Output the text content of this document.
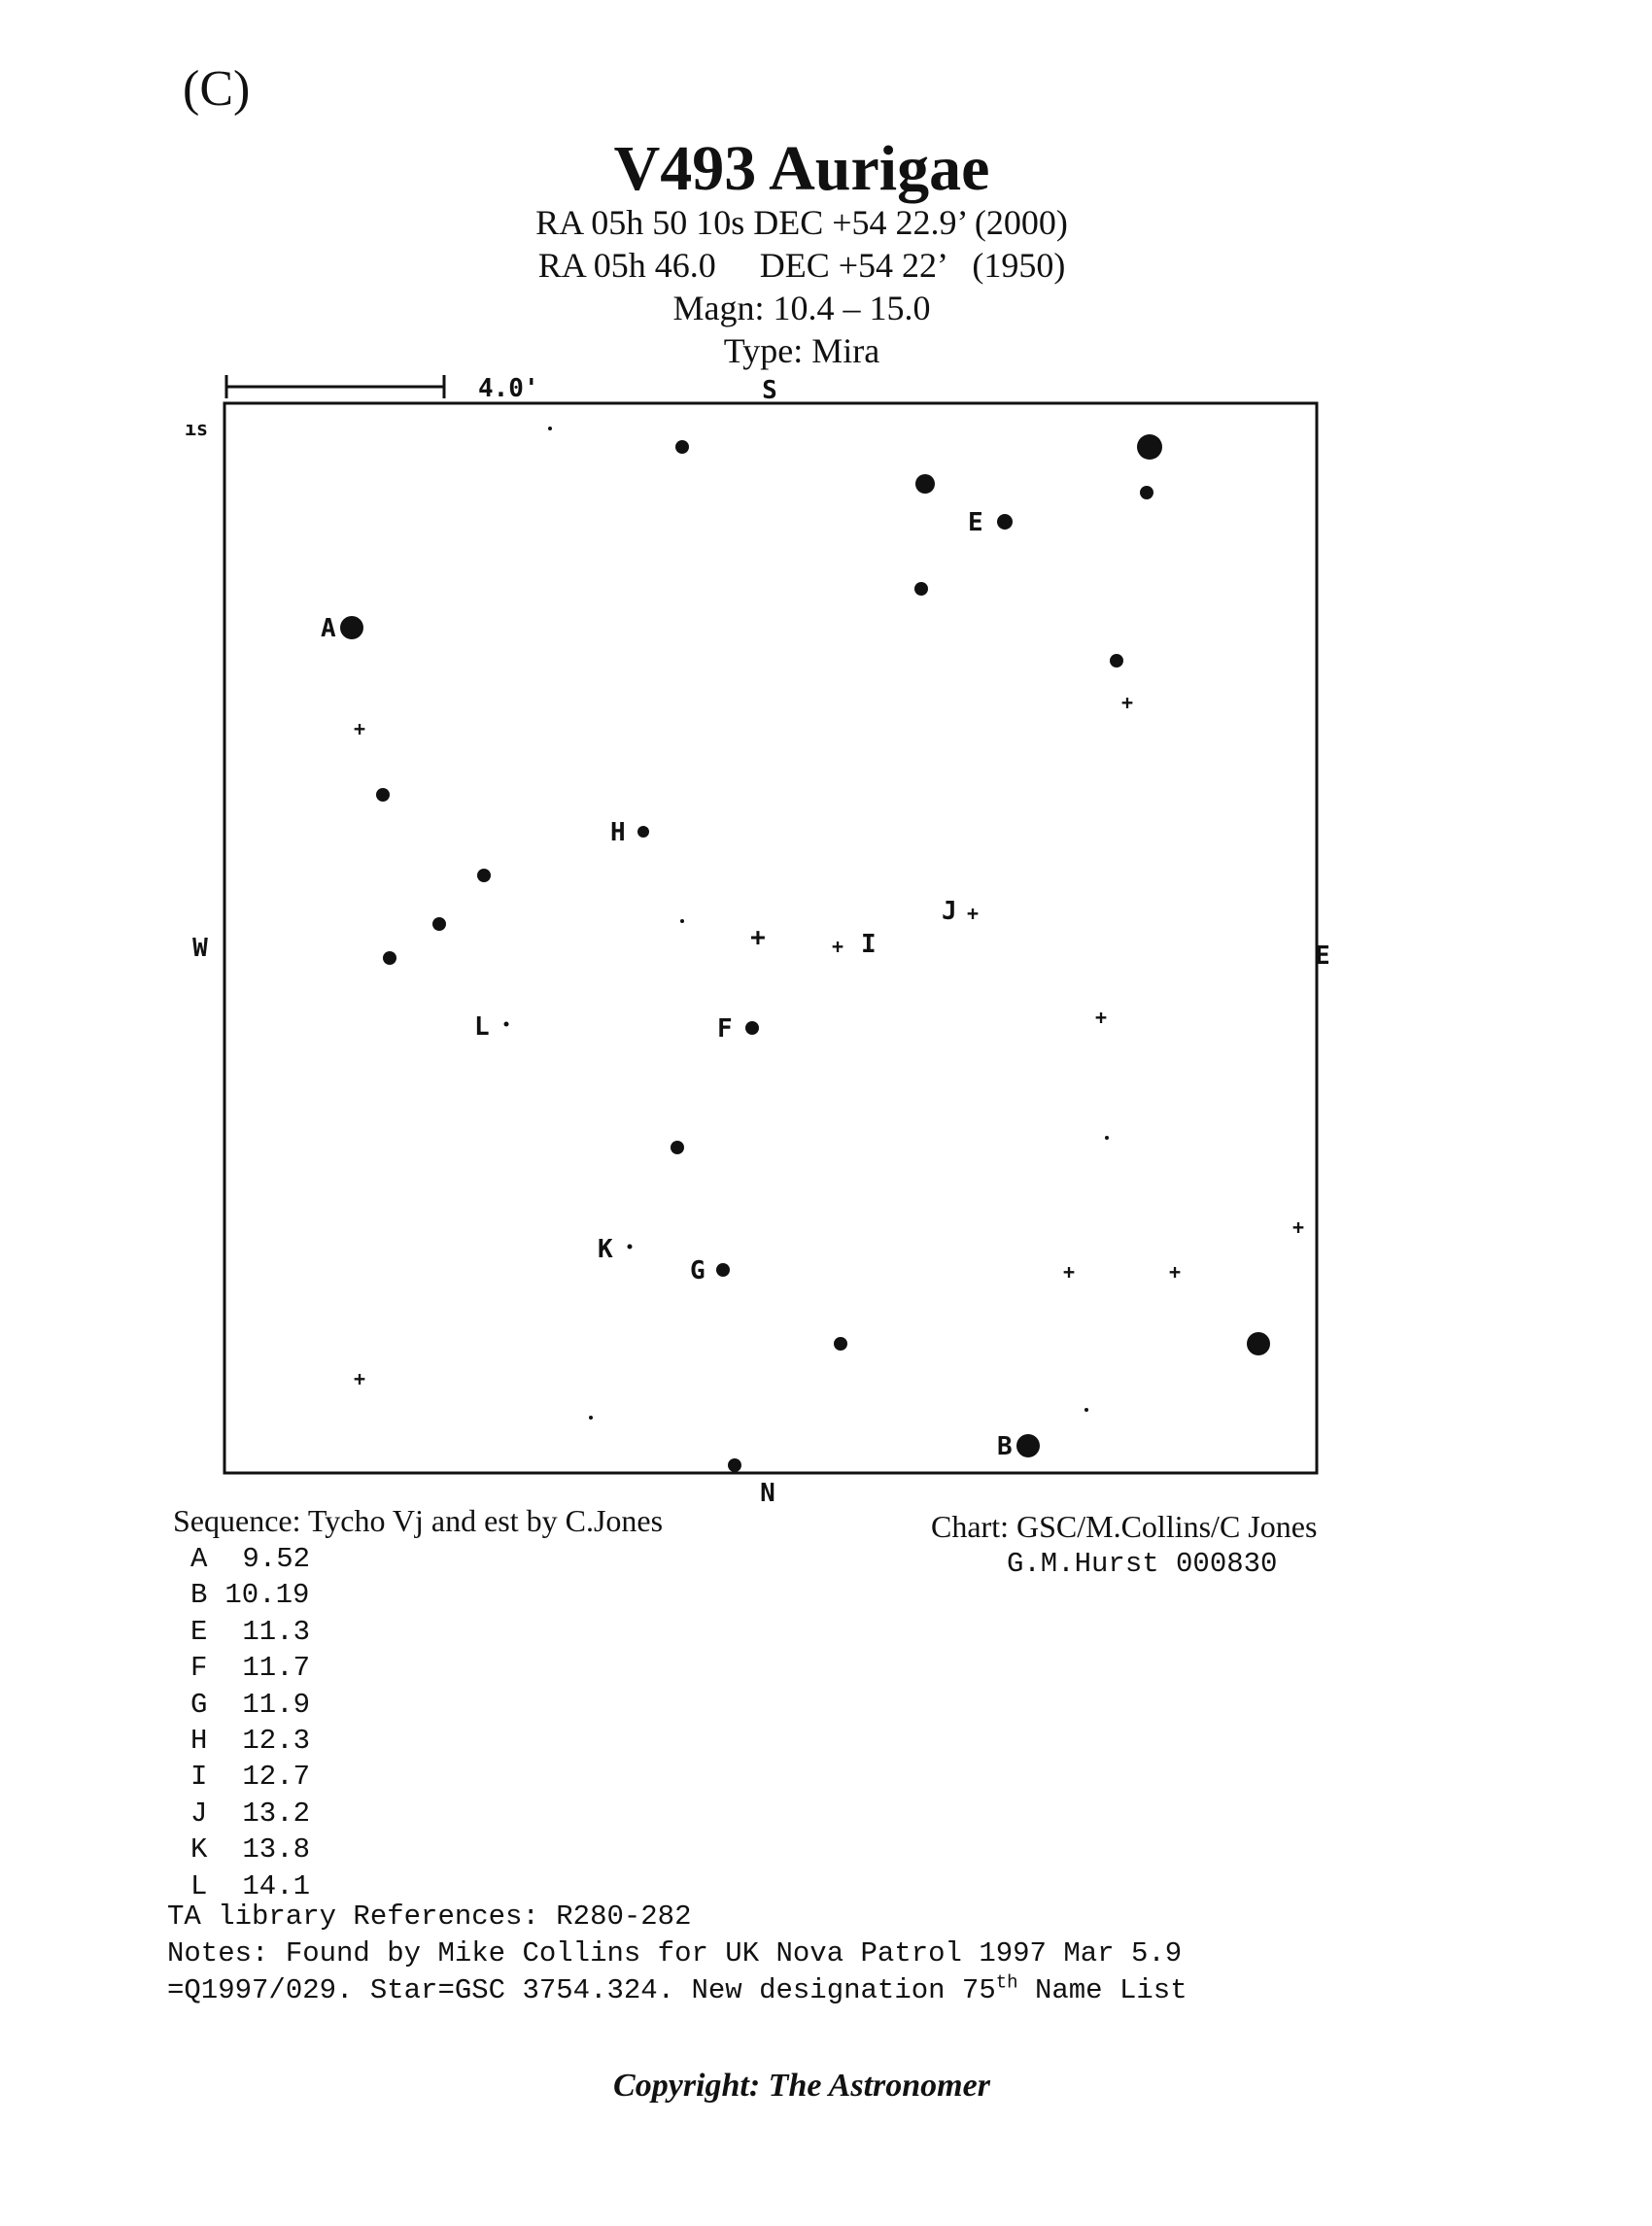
(C)
V493 Aurigae
RA 05h 50 10s DEC +54 22.9’ (2000)
RA 05h 46.0     DEC +54 22’   (1950)
Magn: 10.4 – 15.0
Type: Mira
4.0'	S
N
W	E
ıs
A
B
E
F
G
H
+ I
+
J
K
L
+
+
+
+
+
+	+
+
Sequence: Tycho Vj and est by C.Jones
A 9.52
B 10.19
E 11.3
F 11.7
G 11.9
H 12.3
I 12.7
J 13.2
K 13.8
L 14.1
Chart: GSC/M.Collins/C Jones
G.M.Hurst 000830
TA library References: R280-282
Notes: Found by Mike Collins for UK Nova Patrol 1997 Mar 5.9
=Q1997/029. Star=GSC 3754.324. New designation 75th Name List
Copyright: The Astronomer
